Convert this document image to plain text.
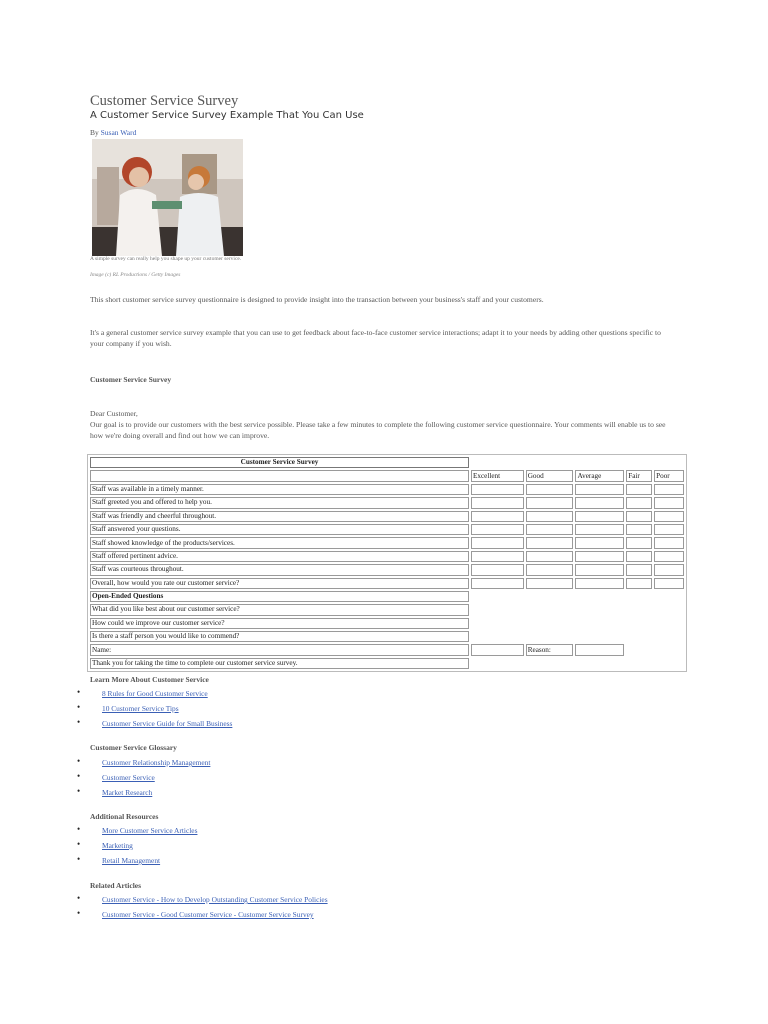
Customer Service Survey
A Customer Service Survey Example That You Can Use
By Susan Ward
A simple survey can really help you shape up your customer service.
Image (c) RL Productions / Getty Images
This short customer service survey questionnaire is designed to provide insight into the transaction between your business's staff and your customers.
It's a general customer service survey example that you can use to get feedback about face-to-face customer service interactions; adapt it to your needs by adding other questions specific to your company if you wish.
Customer Service Survey
Dear Customer,
Our goal is to provide our customers with the best service possible. Please take a few minutes to complete the following customer service questionnaire. Your comments will enable us to see how we're doing overall and find out how we can improve.
Customer Service Survey					
	Excellent	Good	Average	Fair	Poor
Staff was available in a timely manner.					
Staff greeted you and offered to help you.					
Staff was friendly and cheerful throughout.					
Staff answered your questions.					
Staff showed knowledge of the products/services.					
Staff offered pertinent advice.					
Staff was courteous throughout.					
Overall, how would you rate our customer service?					
Open-Ended Questions					
What did you like best about our customer service?					
How could we improve our customer service?					
Is there a staff person you would like to commend?					
Name:		Reason:			
Thank you for taking the time to complete our customer service survey.					
Learn More About Customer Service
•	8 Rules for Good Customer Service
•	10 Customer Service Tips
•	Customer Service Guide for Small Business
Customer Service Glossary
•	Customer Relationship Management
•	Customer Service
•	Market Research
Additional Resources
•	More Customer Service Articles
•	Marketing
•	Retail Management
Related Articles
•	Customer Service - How to Develop Outstanding Customer Service Policies
•	Customer Service - Good Customer Service - Customer Service Survey
